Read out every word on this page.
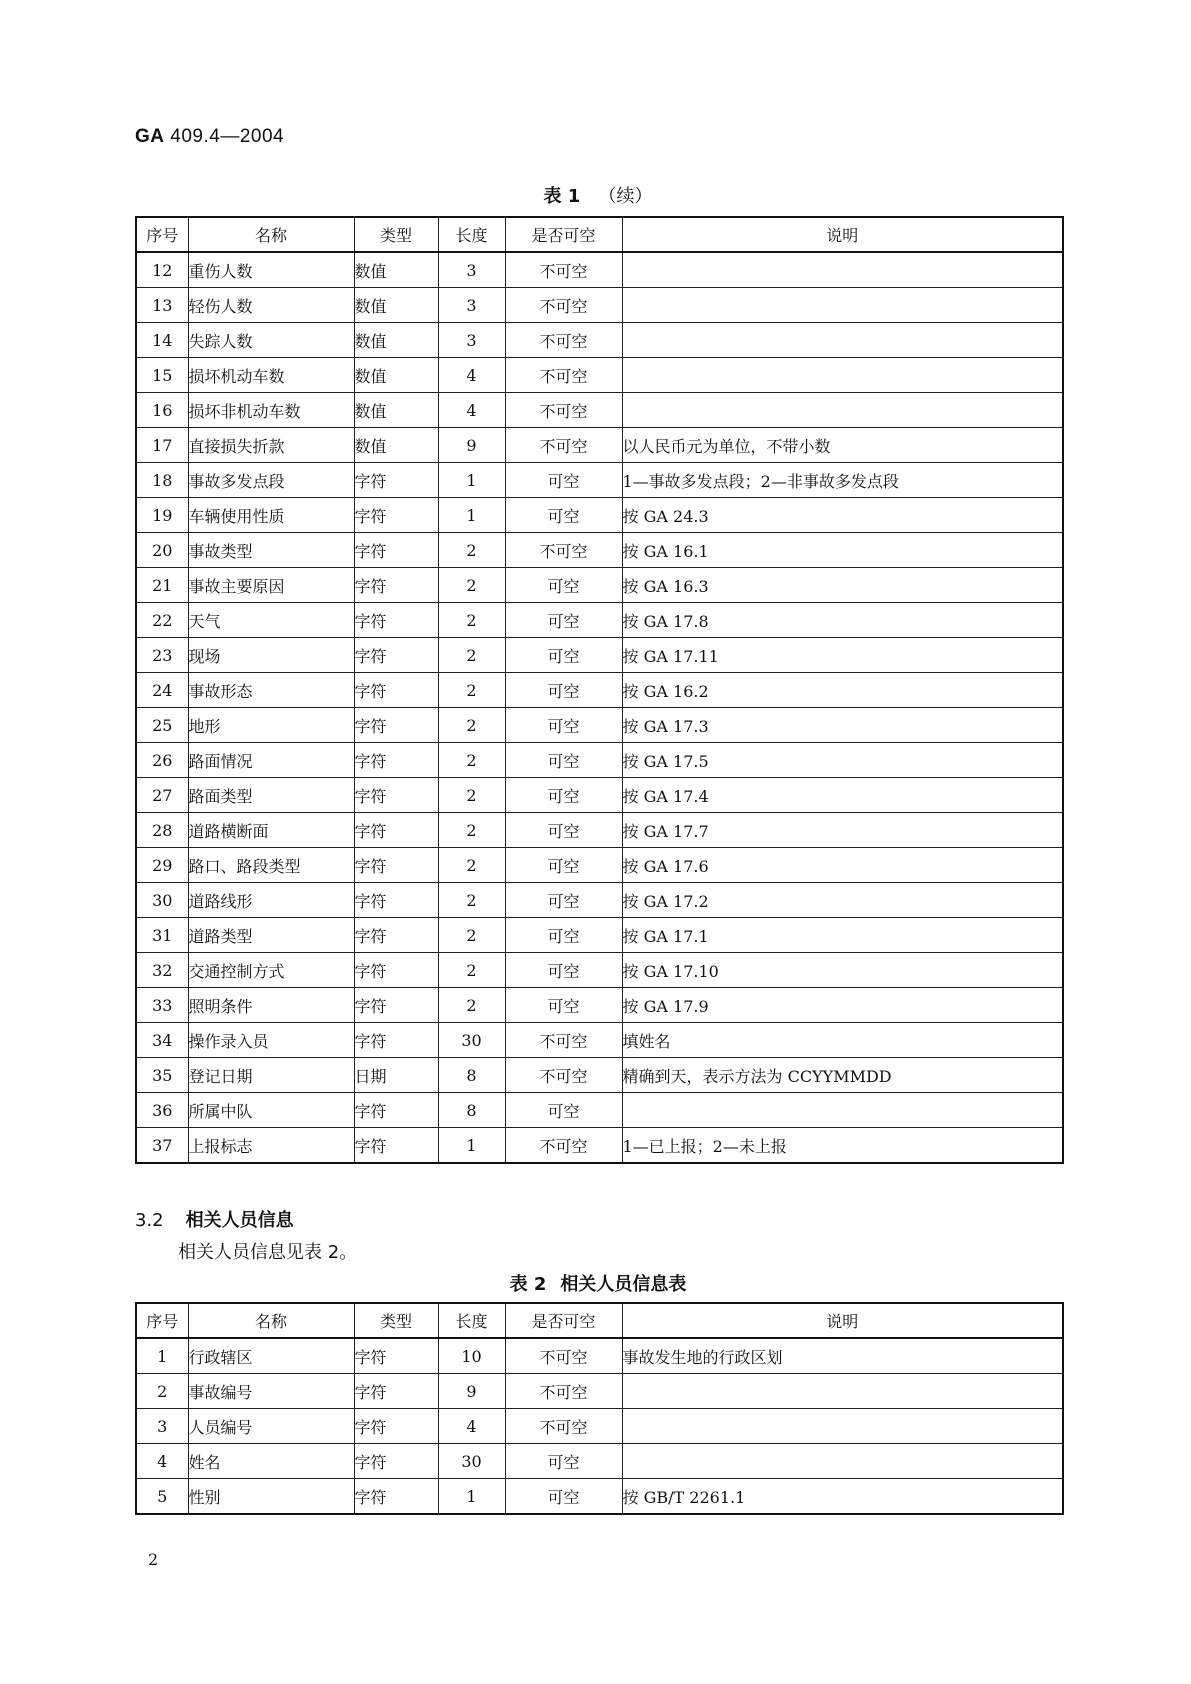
GA 409.4—2004
表 1 （续）
序号	名称	类型	长度	是否可空	说明
12	重伤人数	数值	3	不可空	
13	轻伤人数	数值	3	不可空	
14	失踪人数	数值	3	不可空	
15	损坏机动车数	数值	4	不可空	
16	损坏非机动车数	数值	4	不可空	
17	直接损失折款	数值	9	不可空	以人民币元为单位，不带小数
18	事故多发点段	字符	1	可空	1—事故多发点段；2—非事故多发点段
19	车辆使用性质	字符	1	可空	按 GA 24.3
20	事故类型	字符	2	不可空	按 GA 16.1
21	事故主要原因	字符	2	可空	按 GA 16.3
22	天气	字符	2	可空	按 GA 17.8
23	现场	字符	2	可空	按 GA 17.11
24	事故形态	字符	2	可空	按 GA 16.2
25	地形	字符	2	可空	按 GA 17.3
26	路面情况	字符	2	可空	按 GA 17.5
27	路面类型	字符	2	可空	按 GA 17.4
28	道路横断面	字符	2	可空	按 GA 17.7
29	路口、路段类型	字符	2	可空	按 GA 17.6
30	道路线形	字符	2	可空	按 GA 17.2
31	道路类型	字符	2	可空	按 GA 17.1
32	交通控制方式	字符	2	可空	按 GA 17.10
33	照明条件	字符	2	可空	按 GA 17.9
34	操作录入员	字符	30	不可空	填姓名
35	登记日期	日期	8	不可空	精确到天，表示方法为 CCYYMMDD
36	所属中队	字符	8	可空	
37	上报标志	字符	1	不可空	1—已上报；2—未上报
3.2 相关人员信息
相关人员信息见表 2。
表 2 相关人员信息表
序号	名称	类型	长度	是否可空	说明
1	行政辖区	字符	10	不可空	事故发生地的行政区划
2	事故编号	字符	9	不可空	
3	人员编号	字符	4	不可空	
4	姓名	字符	30	可空	
5	性别	字符	1	可空	按 GB/T 2261.1
2
